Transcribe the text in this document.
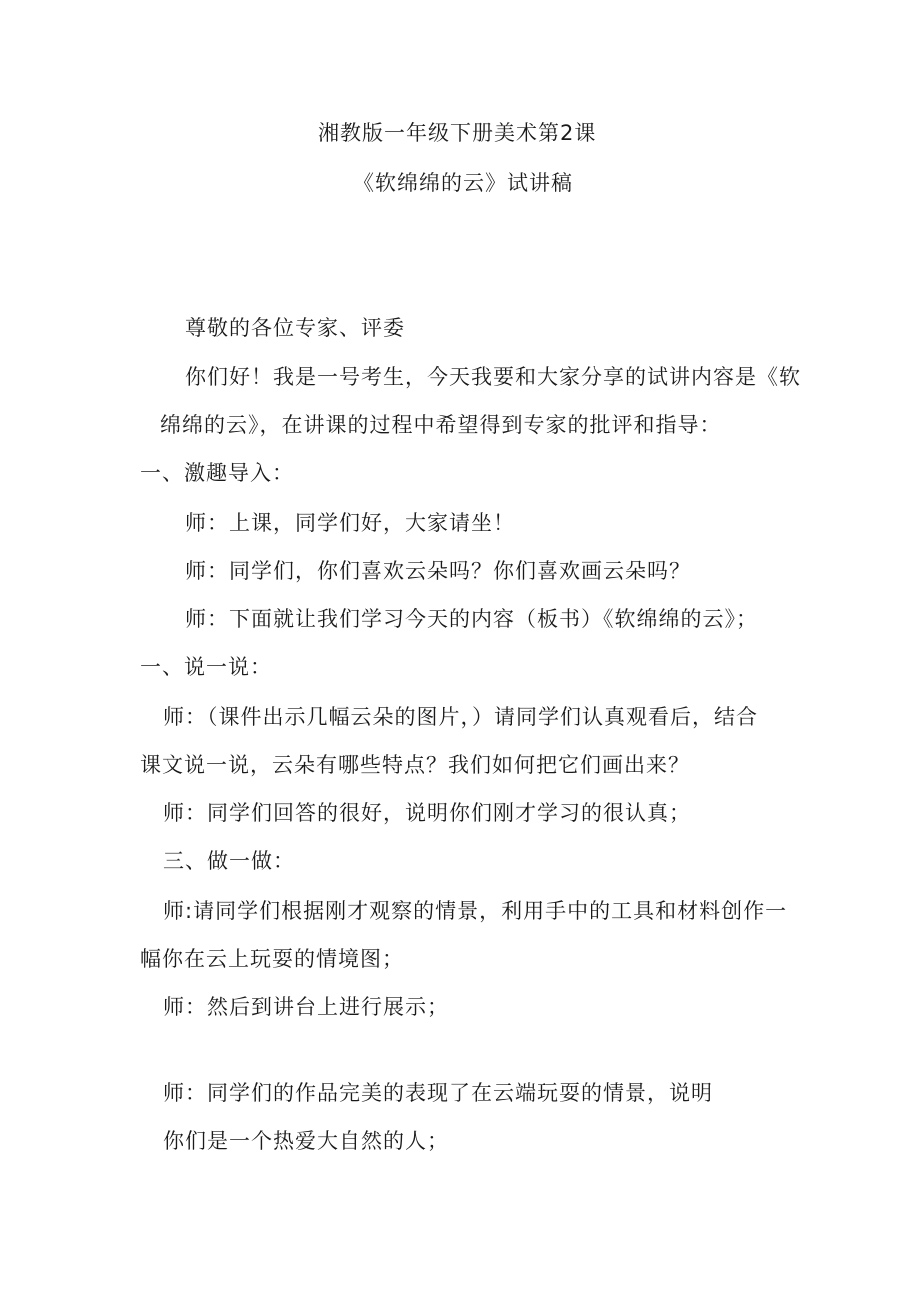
湘教版一年级下册美术第2课
《软绵绵的云》试讲稿
尊敬的各位专家、评委
你们好！我是一号考生，今天我要和大家分享的试讲内容是《软
绵绵的云》，在讲课的过程中希望得到专家的批评和指导：
一、激趣导入：
师：上课，同学们好，大家请坐！
师：同学们，你们喜欢云朵吗？你们喜欢画云朵吗？
师：下面就让我们学习今天的内容（板书）《软绵绵的云》；
一、说一说：
师：（课件出示几幅云朵的图片，）请同学们认真观看后，结合
课文说一说，云朵有哪些特点？我们如何把它们画出来？
师：同学们回答的很好，说明你们刚才学习的很认真；
三、做一做：
师:请同学们根据刚才观察的情景，利用手中的工具和材料创作一
幅你在云上玩耍的情境图；
师：然后到讲台上进行展示；
师：同学们的作品完美的表现了在云端玩耍的情景，说明
你们是一个热爱大自然的人；
